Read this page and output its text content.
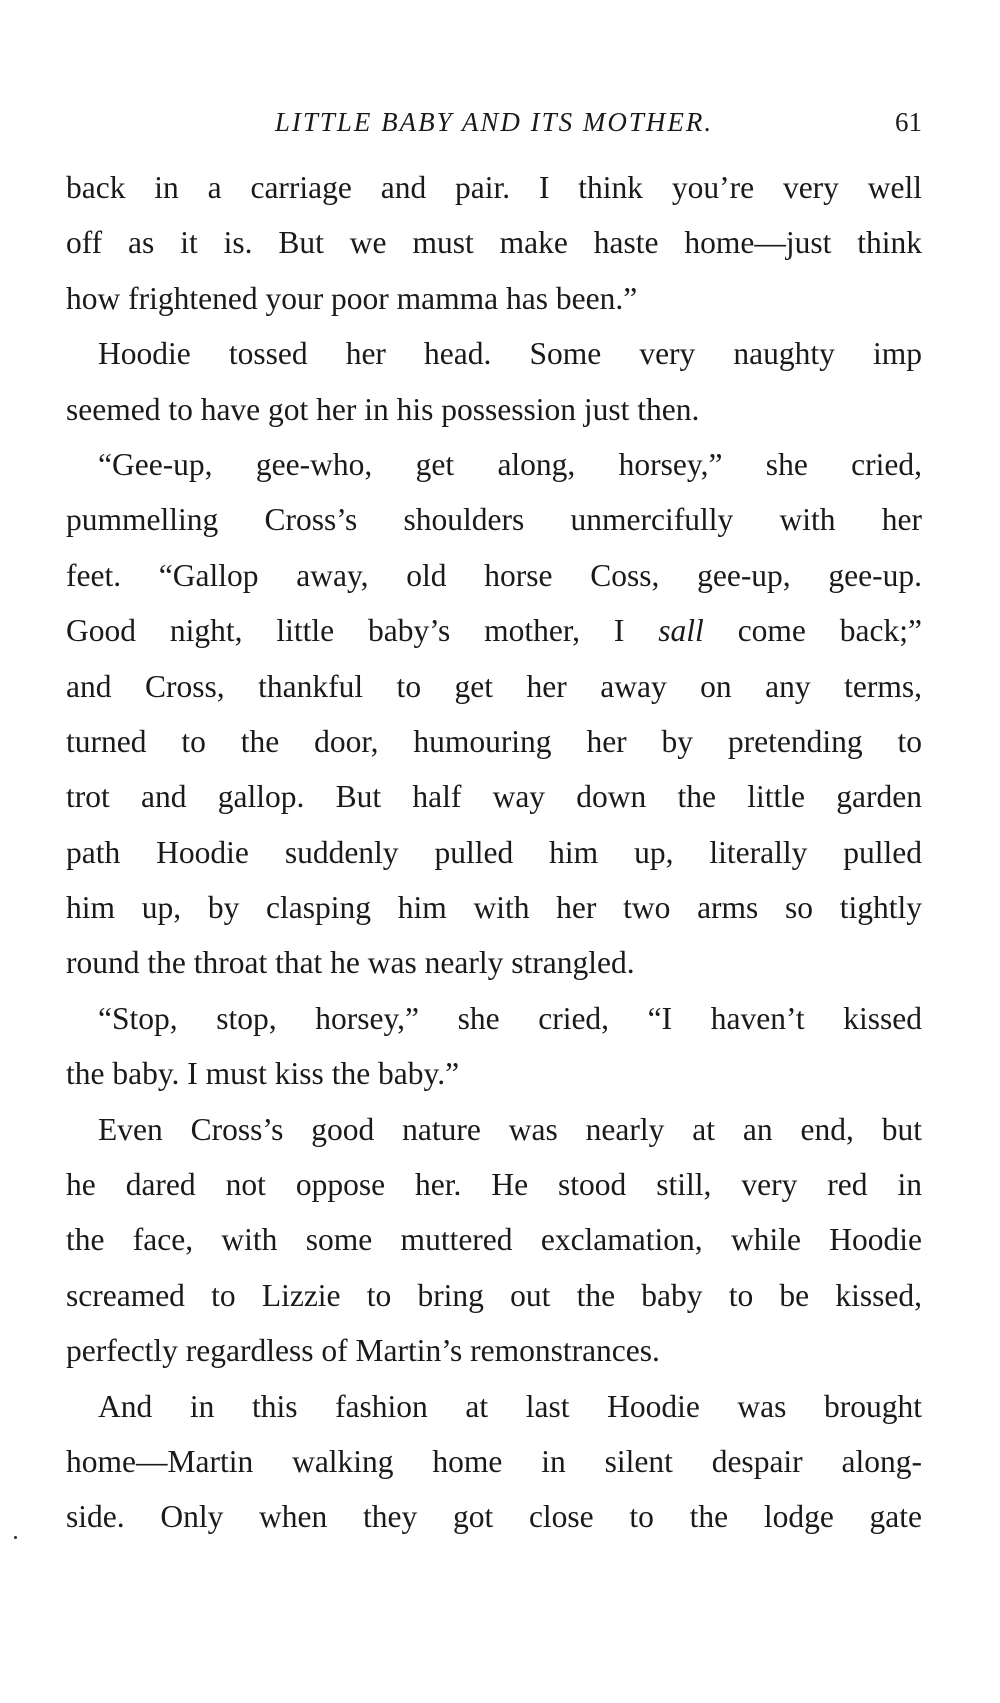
LITTLE BABY AND ITS MOTHER.	61
back in a carriage and pair. I think you’re very well
off as it is. But we must make haste home—just think
how frightened your poor mamma has been.”
Hoodie tossed her head. Some very naughty imp
seemed to have got her in his possession just then.
“Gee-up, gee-who, get along, horsey,” she cried,
pummelling Cross’s shoulders unmercifully with her
feet. “Gallop away, old horse Coss, gee-up, gee-up.
Good night, little baby’s mother, I sall come back;”
and Cross, thankful to get her away on any terms,
turned to the door, humouring her by pretending to
trot and gallop. But half way down the little garden
path Hoodie suddenly pulled him up, literally pulled
him up, by clasping him with her two arms so tightly
round the throat that he was nearly strangled.
“Stop, stop, horsey,” she cried, “I haven’t kissed
the baby. I must kiss the baby.”
Even Cross’s good nature was nearly at an end, but
he dared not oppose her. He stood still, very red in
the face, with some muttered exclamation, while Hoodie
screamed to Lizzie to bring out the baby to be kissed,
perfectly regardless of Martin’s remonstrances.
And in this fashion at last Hoodie was brought
home—Martin walking home in silent despair along-
side. Only when they got close to the lodge gate
